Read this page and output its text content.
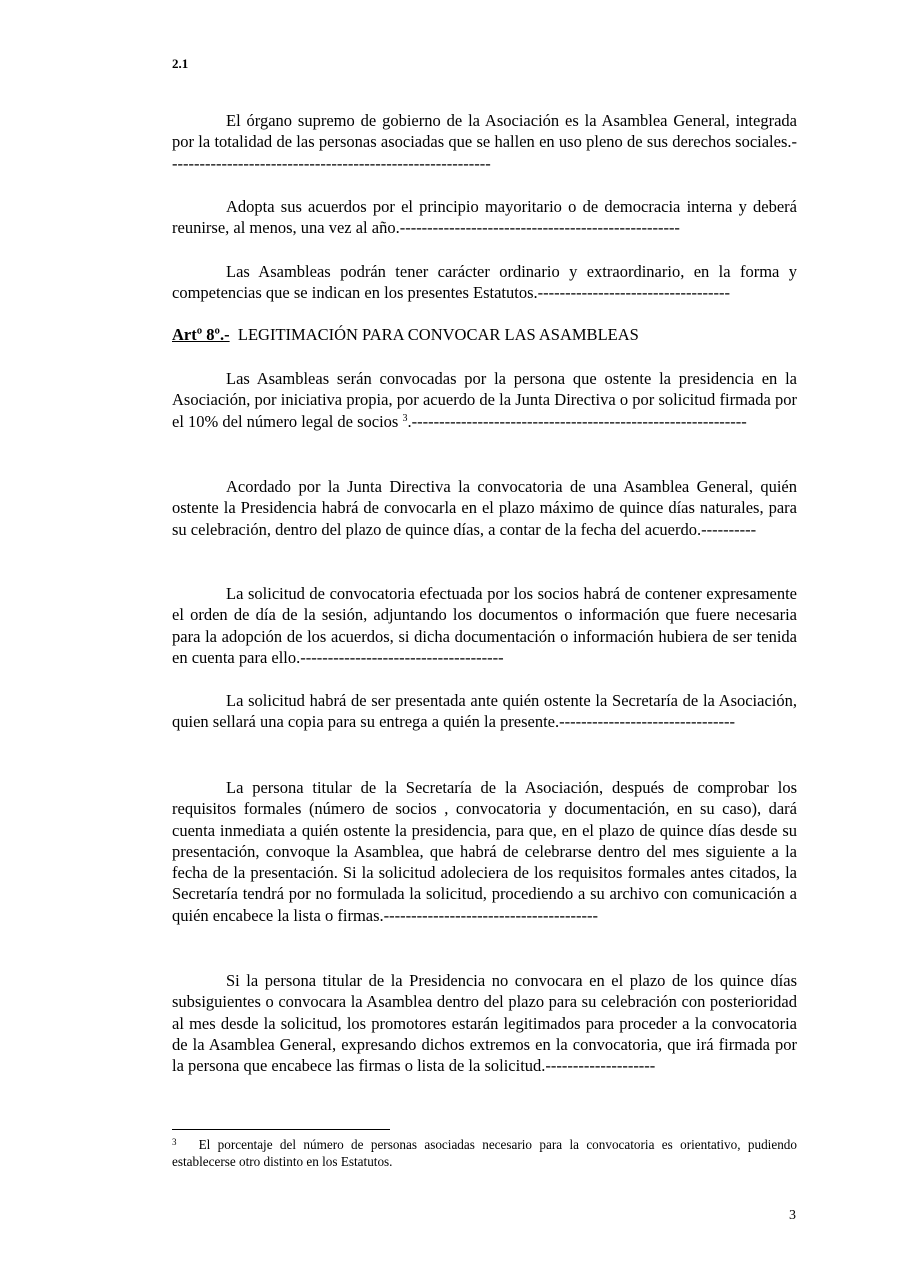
2.1

El órgano supremo de gobierno de la Asociación es la Asamblea General, integrada por la totalidad de las personas asociadas que se hallen en uso pleno de sus derechos sociales.-----------------------------------------------------------

Adopta sus acuerdos por el principio mayoritario o de democracia interna y deberá reunirse, al menos, una vez al año.---------------------------------------------------

Las Asambleas podrán tener carácter ordinario y extraordinario, en la forma y competencias que se indican en los presentes Estatutos.-----------------------------------

Artº 8º.- LEGITIMACIÓN PARA CONVOCAR LAS ASAMBLEAS

Las Asambleas serán convocadas por la persona que ostente la presidencia en la Asociación, por iniciativa propia, por acuerdo de la Junta Directiva o por solicitud firmada por el 10% del número legal de socios $^3$.-------------------------------------------------------------

Acordado por la Junta Directiva la convocatoria de una Asamblea General, quién ostente la Presidencia habrá de convocarla en el plazo máximo de quince días naturales, para su celebración, dentro del plazo de quince días, a contar de la fecha del acuerdo.----------

La solicitud de convocatoria efectuada por los socios habrá de contener expresamente el orden de día de la sesión, adjuntando los documentos o información que fuere necesaria para la adopción de los acuerdos, si dicha documentación o información hubiera de ser tenida en cuenta para ello.-------------------------------------

La solicitud habrá de ser presentada ante quién ostente la Secretaría de la Asociación, quien sellará una copia para su entrega a quién la presente.--------------------------------

La persona titular de la Secretaría de la Asociación, después de comprobar los requisitos formales (número de socios , convocatoria y documentación, en su caso), dará cuenta inmediata a quién ostente la presidencia, para que, en el plazo de quince días desde su presentación, convoque la Asamblea, que habrá de celebrarse dentro del mes siguiente a la fecha de la presentación. Si la solicitud adoleciera de los requisitos formales antes citados, la Secretaría tendrá por no formulada la solicitud, procediendo a su archivo con comunicación a quién encabece la lista o firmas.---------------------------------------

Si la persona titular de la Presidencia no convocara en el plazo de los quince días subsiguientes o convocara la Asamblea dentro del plazo para su celebración con posterioridad al mes desde la solicitud, los promotores estarán legitimados para proceder a la convocatoria de la Asamblea General, expresando dichos extremos en la convocatoria, que irá firmada por la persona que encabece las firmas o lista de la solicitud.--------------------

$^3$ El porcentaje del número de personas asociadas necesario para la convocatoria es orientativo, pudiendo establecerse otro distinto en los Estatutos.

3
